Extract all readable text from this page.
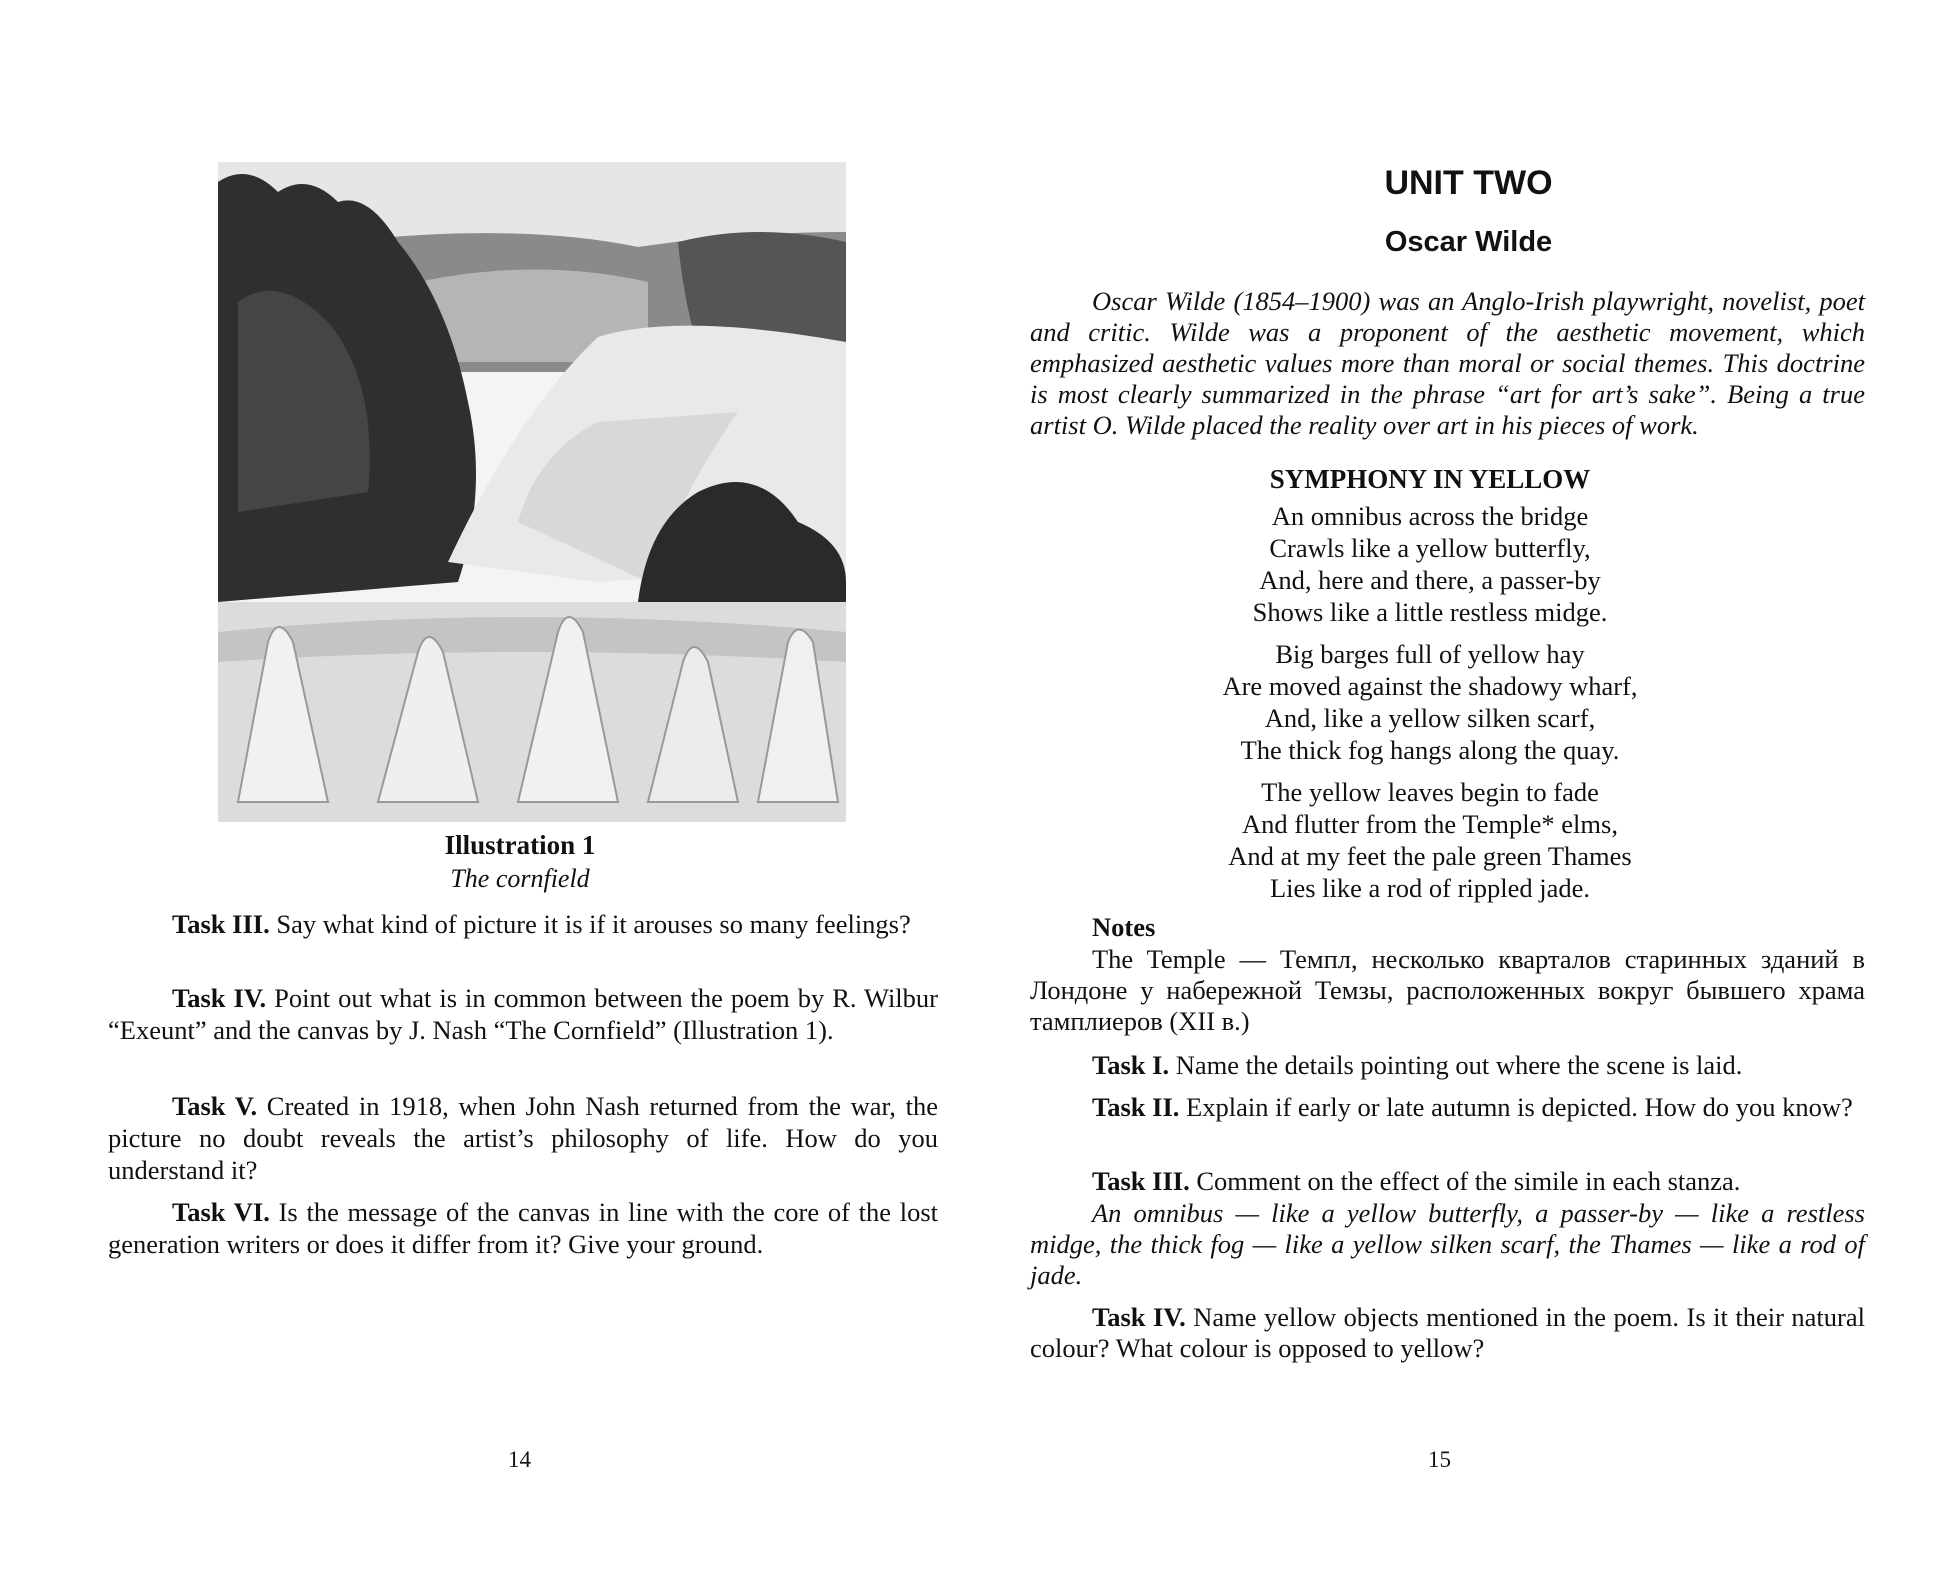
Illustration 1
The cornfield
Task III. Say what kind of picture it is if it arouses so many feelings?
Task IV. Point out what is in common between the poem by R. Wilbur “Exeunt” and the canvas by J. Nash “The Cornfield” (Illustration 1).
Task V. Created in 1918, when John Nash returned from the war, the picture no doubt reveals the artist’s philosophy of life. How do you understand it?
Task VI. Is the message of the canvas in line with the core of the lost generation writers or does it differ from it? Give your ground.
14
UNIT TWO
Oscar Wilde
Oscar Wilde (1854–1900) was an Anglo-Irish playwright, novelist, poet and critic. Wilde was a proponent of the aesthetic movement, which emphasized aesthetic values more than moral or social themes. This doctrine is most clearly summarized in the phrase “art for art’s sake”. Being a true artist O. Wilde placed the reality over art in his pieces of work.
SYMPHONY IN YELLOW
An omnibus across the bridge
Crawls like a yellow butterfly,
And, here and there, a passer-by
Shows like a little restless midge.
Big barges full of yellow hay
Are moved against the shadowy wharf,
And, like a yellow silken scarf,
The thick fog hangs along the quay.
The yellow leaves begin to fade
And flutter from the Temple* elms,
And at my feet the pale green Thames
Lies like a rod of rippled jade.
Notes
The Temple — Темпл, несколько кварталов старинных зданий в Лондоне у набережной Темзы, расположенных вокруг бывшего храма тамплиеров (XII в.)
Task I. Name the details pointing out where the scene is laid.
Task II. Explain if early or late autumn is depicted. How do you know?
Task III. Comment on the effect of the simile in each stanza.
An omnibus — like a yellow butterfly, a passer-by — like a restless midge, the thick fog — like a yellow silken scarf, the Thames — like a rod of jade.
Task IV. Name yellow objects mentioned in the poem. Is it their natural colour? What colour is opposed to yellow?
15
